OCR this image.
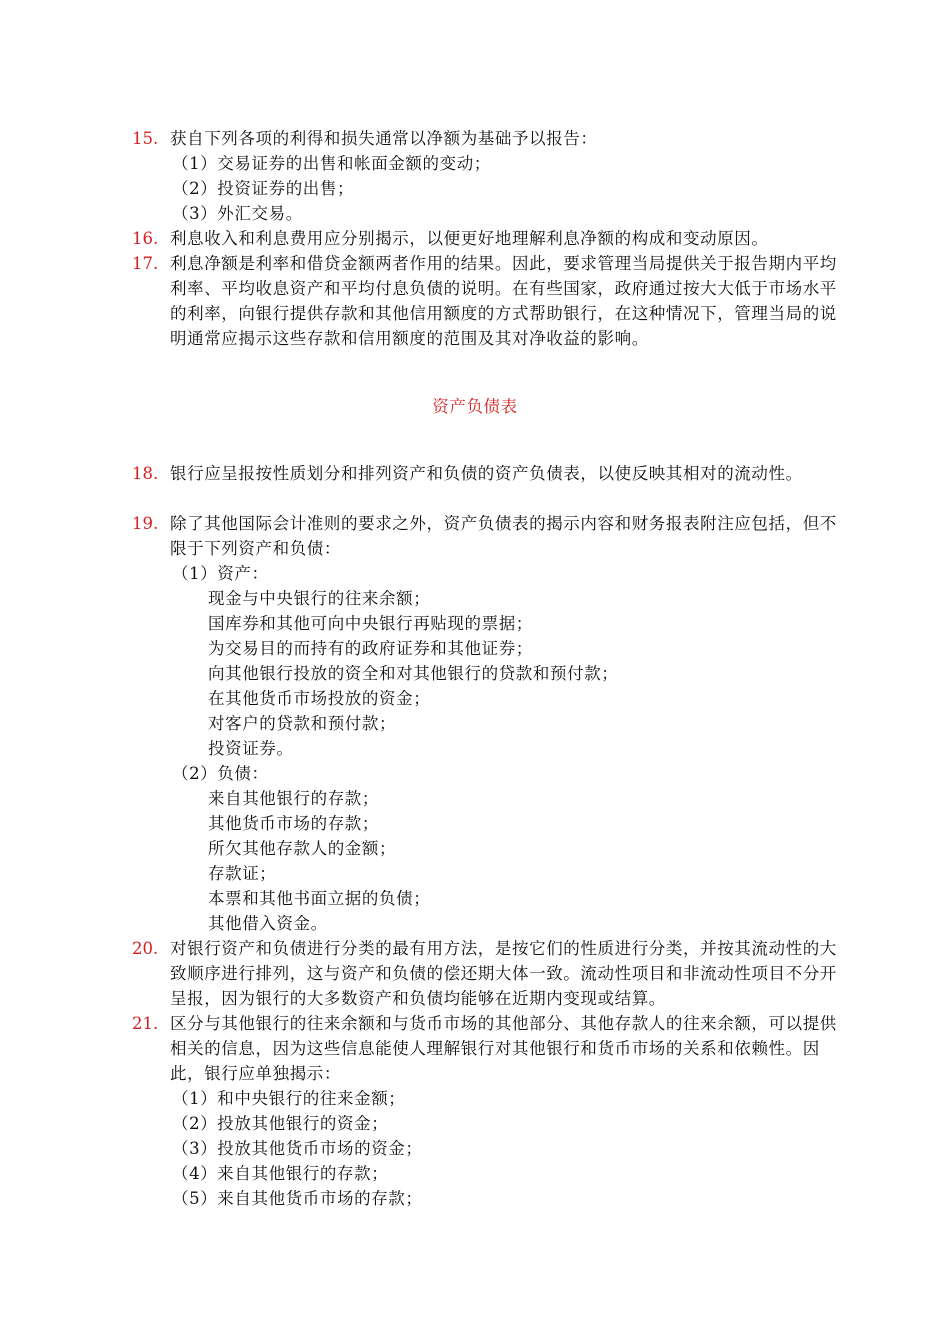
15. 获自下列各项的利得和损失通常以净额为基础予以报告：
（1）交易证券的出售和帐面金额的变动；
（2）投资证券的出售；
（3）外汇交易。
16. 利息收入和利息费用应分别揭示，以便更好地理解利息净额的构成和变动原因。
17. 利息净额是利率和借贷金额两者作用的结果。因此，要求管理当局提供关于报告期内平均利率、平均收息资产和平均付息负债的说明。在有些国家，政府通过按大大低于市场水平的利率，向银行提供存款和其他信用额度的方式帮助银行，在这种情况下，管理当局的说明通常应揭示这些存款和信用额度的范围及其对净收益的影响。
资产负债表
18. 银行应呈报按性质划分和排列资产和负债的资产负债表，以使反映其相对的流动性。
19. 除了其他国际会计准则的要求之外，资产负债表的揭示内容和财务报表附注应包括，但不限于下列资产和负债：
（1）资产：
现金与中央银行的往来余额；
国库券和其他可向中央银行再贴现的票据；
为交易目的而持有的政府证券和其他证券；
向其他银行投放的资全和对其他银行的贷款和预付款；
在其他货币市场投放的资金；
对客户的贷款和预付款；
投资证券。
（2）负债：
来自其他银行的存款；
其他货币市场的存款；
所欠其他存款人的金额；
存款证；
本票和其他书面立据的负债；
其他借入资金。
20. 对银行资产和负债进行分类的最有用方法，是按它们的性质进行分类，并按其流动性的大致顺序进行排列，这与资产和负债的偿还期大体一致。流动性项目和非流动性项目不分开呈报，因为银行的大多数资产和负债均能够在近期内变现或结算。
21. 区分与其他银行的往来余额和与货币市场的其他部分、其他存款人的往来余额，可以提供相关的信息，因为这些信息能使人理解银行对其他银行和货币市场的关系和依赖性。因此，银行应单独揭示：
（1）和中央银行的往来金额；
（2）投放其他银行的资金；
（3）投放其他货币市场的资金；
（4）来自其他银行的存款；
（5）来自其他货币市场的存款；
